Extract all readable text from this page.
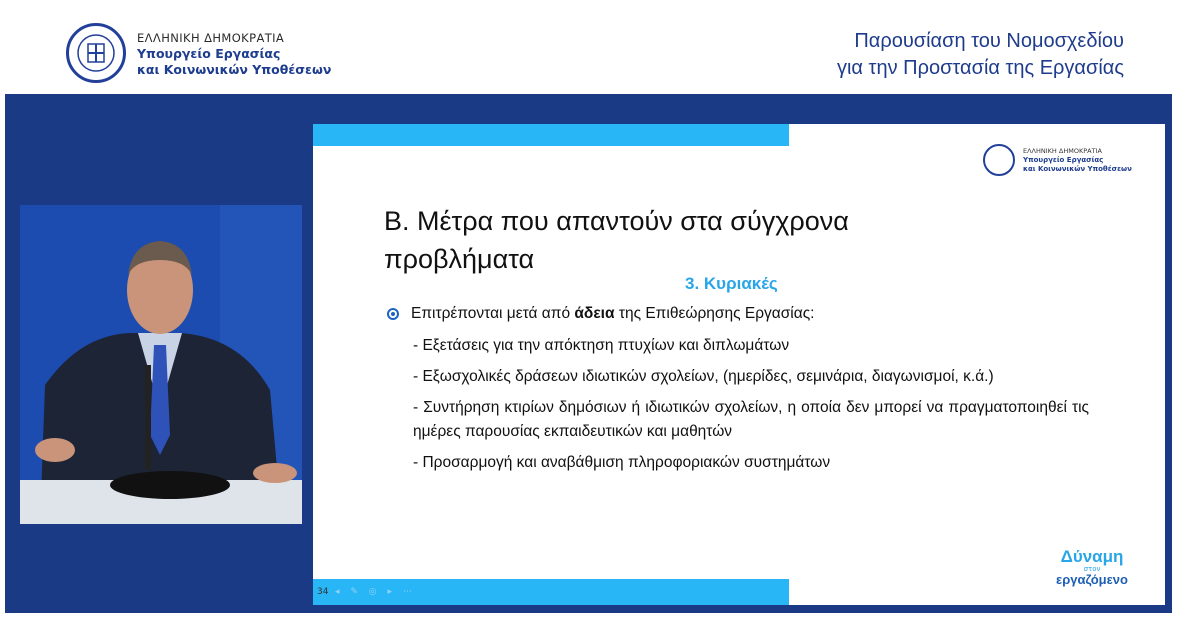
ΕΛΛΗΝΙΚΗ ΔΗΜΟΚΡΑΤΙΑ
Υπουργείο Εργασίας
και Κοινωνικών Υποθέσεων
Παρουσίαση του Νομοσχεδίου
για την Προστασία της Εργασίας
ΕΛΛΗΝΙΚΗ ΔΗΜΟΚΡΑΤΙΑ
Υπουργείο Εργασίας
και Κοινωνικών Υποθέσεων
Β. Μέτρα που απαντούν στα σύγχρονα προβλήματα
3. Κυριακές
Επιτρέπονται μετά από άδεια της Επιθεώρησης Εργασίας:
- Εξετάσεις για την απόκτηση πτυχίων και διπλωμάτων
- Εξωσχολικές δράσεων ιδιωτικών σχολείων, (ημερίδες, σεμινάρια, διαγωνισμοί, κ.ά.)
- Συντήρηση κτιρίων δημόσιων ή ιδιωτικών σχολείων, η οποία δεν μπορεί να πραγματοποιηθεί τις ημέρες παρουσίας εκπαιδευτικών και μαθητών
- Προσαρμογή και αναβάθμιση πληροφοριακών συστημάτων
Δύναμη
στον
εργαζόμενο
34 ◂ ✎ ◎ ▸ ⋯
